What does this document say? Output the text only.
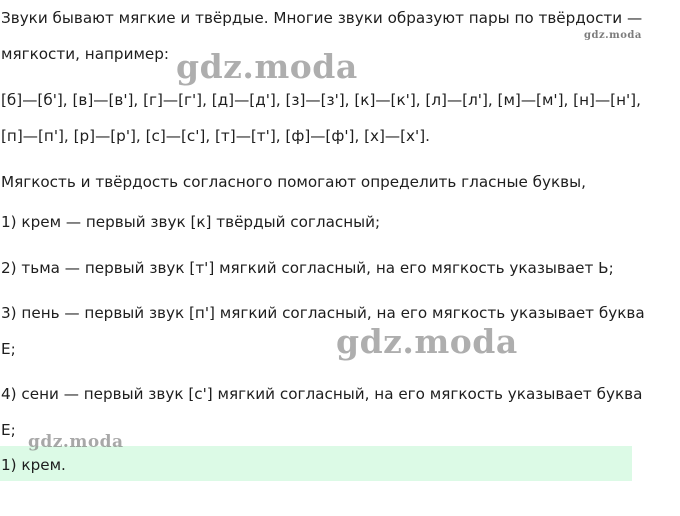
Звуки бывают мягкие и твёрдые. Многие звуки образуют пары по твёрдости —
мягкости, например:
[б]—[б'], [в]—[в'], [г]—[г'], [д]—[д'], [з]—[з'], [к]—[к'], [л]—[л'], [м]—[м'], [н]—[н'],
[п]—[п'], [р]—[р'], [с]—[с'], [т]—[т'], [ф]—[ф'], [х]—[х'].
Мягкость и твёрдость согласного помогают определить гласные буквы,
1) крем — первый звук [к] твёрдый согласный;
2) тьма — первый звук [т'] мягкий согласный, на его мягкость указывает Ь;
3) пень — первый звук [п'] мягкий согласный, на его мягкость указывает буква
Е;
4) сени — первый звук [с'] мягкий согласный, на его мягкость указывает буква
Е;
1) крем.
gdz.moda
gdz.moda
gdz.moda
gdz.moda
